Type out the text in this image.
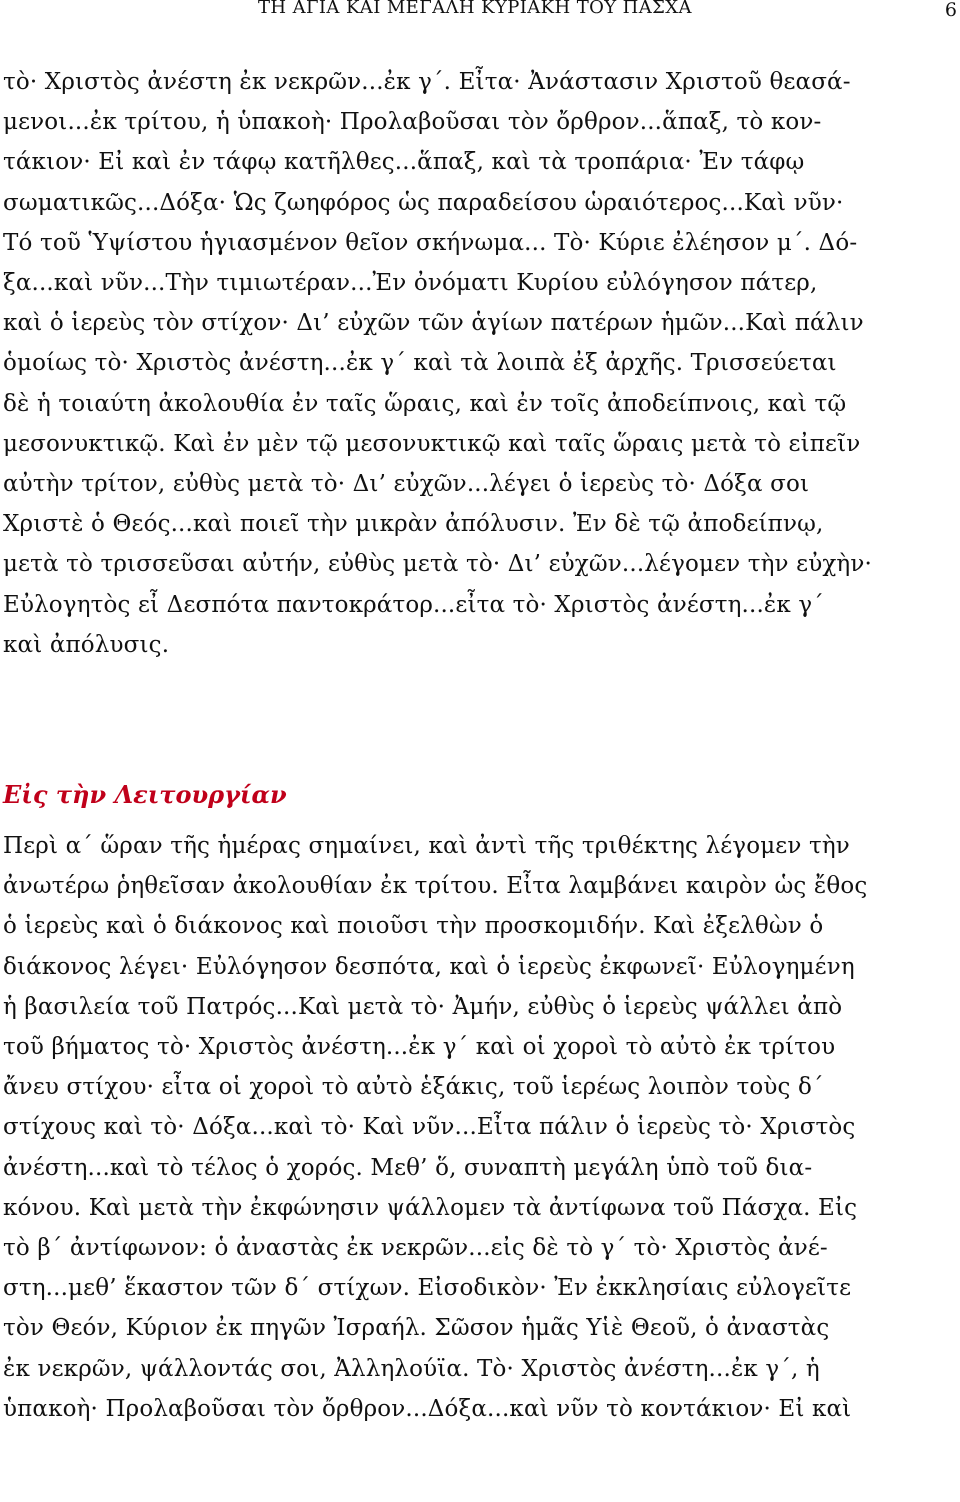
ΤΗ ΑΓΙΑ ΚΑΙ ΜΕΓΑΛΗ ΚΥΡΙΑΚΗ ΤΟΥ ΠΑΣΧΑ	6

τὸ· Χριστὸς ἀνέστη ἐκ νεκρῶν...ἐκ γ΄. Εἶτα· Ἀνάστασιν Χριστοῦ θεασά-
μενοι...ἐκ τρίτου, ἡ ὑπακοὴ· Προλαβοῦσαι τὸν ὄρθρον...ἅπαξ, τὸ κον-
τάκιον· Εἰ καὶ ἐν τάφῳ κατῆλθες...ἅπαξ, καὶ τὰ τροπάρια· Ἐν τάφῳ
σωματικῶς...Δόξα· Ὡς ζωηφόρος ὡς παραδείσου ὡραιότερος...Καὶ νῦν·
Τό τοῦ Ὑψίστου ἡγιασμένον θεῖον σκήνωμα... Τὸ· Κύριε ἐλέησον μ΄. Δό-
ξα...καὶ νῦν...Τὴν τιμιωτέραν...Ἐν ὀνόματι Κυρίου εὐλόγησον πάτερ,
καὶ ὁ ἱερεὺς τὸν στίχον· Δι’ εὐχῶν τῶν ἁγίων πατέρων ἡμῶν...Καὶ πάλιν
ὁμοίως τὸ· Χριστὸς ἀνέστη...ἐκ γ΄ καὶ τὰ λοιπὰ ἐξ ἀρχῆς. Τρισσεύεται
δὲ ἡ τοιαύτη ἀκολουθία ἐν ταῖς ὥραις, καὶ ἐν τοῖς ἀποδείπνοις, καὶ τῷ
μεσονυκτικῷ. Καὶ ἐν μὲν τῷ μεσονυκτικῷ καὶ ταῖς ὥραις μετὰ τὸ εἰπεῖν
αὐτὴν τρίτον, εὐθὺς μετὰ τὸ· Δι’ εὐχῶν...λέγει ὁ ἱερεὺς τὸ· Δόξα σοι
Χριστὲ ὁ Θεός...καὶ ποιεῖ τὴν μικρὰν ἀπόλυσιν. Ἐν δὲ τῷ ἀποδείπνῳ,
μετὰ τὸ τρισσεῦσαι αὐτήν, εὐθὺς μετὰ τὸ· Δι’ εὐχῶν...λέγομεν τὴν εὐχὴν·
Εὐλογητὸς εἶ Δεσπότα παντοκράτορ...εἶτα τὸ· Χριστὸς ἀνέστη...ἐκ γ΄
καὶ ἀπόλυσις.

Εἰς τὴν Λειτουργίαν

Περὶ α΄ ὥραν τῆς ἡμέρας σημαίνει, καὶ ἀντὶ τῆς τριθέκτης λέγομεν τὴν
ἀνωτέρω ῥηθεῖσαν ἀκολουθίαν ἐκ τρίτου. Εἶτα λαμβάνει καιρὸν ὡς ἔθος
ὁ ἱερεὺς καὶ ὁ διάκονος καὶ ποιοῦσι τὴν προσκομιδήν. Καὶ ἐξελθὼν ὁ
διάκονος λέγει· Εὐλόγησον δεσπότα, καὶ ὁ ἱερεὺς ἐκφωνεῖ· Εὐλογημένη
ἡ βασιλεία τοῦ Πατρός...Καὶ μετὰ τὸ· Ἀμήν, εὐθὺς ὁ ἱερεὺς ψάλλει ἀπὸ
τοῦ βήματος τὸ· Χριστὸς ἀνέστη...ἐκ γ΄ καὶ οἱ χοροὶ τὸ αὐτὸ ἐκ τρίτου
ἄνευ στίχου· εἶτα οἱ χοροὶ τὸ αὐτὸ ἑξάκις, τοῦ ἱερέως λοιπὸν τοὺς δ΄
στίχους καὶ τὸ· Δόξα...καὶ τὸ· Καὶ νῦν...Εἶτα πάλιν ὁ ἱερεὺς τὸ· Χριστὸς
ἀνέστη...καὶ τὸ τέλος ὁ χορός. Μεθ’ ὅ, συναπτὴ μεγάλη ὑπὸ τοῦ δια-
κόνου. Καὶ μετὰ τὴν ἐκφώνησιν ψάλλομεν τὰ ἀντίφωνα τοῦ Πάσχα. Εἰς
τὸ β΄ ἀντίφωνον: ὁ ἀναστὰς ἐκ νεκρῶν...εἰς δὲ τὸ γ΄ τὸ· Χριστὸς ἀνέ-
στη...μεθ’ ἕκαστον τῶν δ΄ στίχων. Εἰσοδικὸν· Ἐν ἐκκλησίαις εὐλογεῖτε
τὸν Θεόν, Κύριον ἐκ πηγῶν Ἰσραήλ. Σῶσον ἡμᾶς Υἱὲ Θεοῦ, ὁ ἀναστὰς
ἐκ νεκρῶν, ψάλλοντάς σοι, Ἀλληλούϊα. Τὸ· Χριστὸς ἀνέστη...ἐκ γ΄, ἡ
ὑπακοὴ· Προλαβοῦσαι τὸν ὄρθρον...Δόξα...καὶ νῦν τὸ κοντάκιον· Εἰ καὶ
